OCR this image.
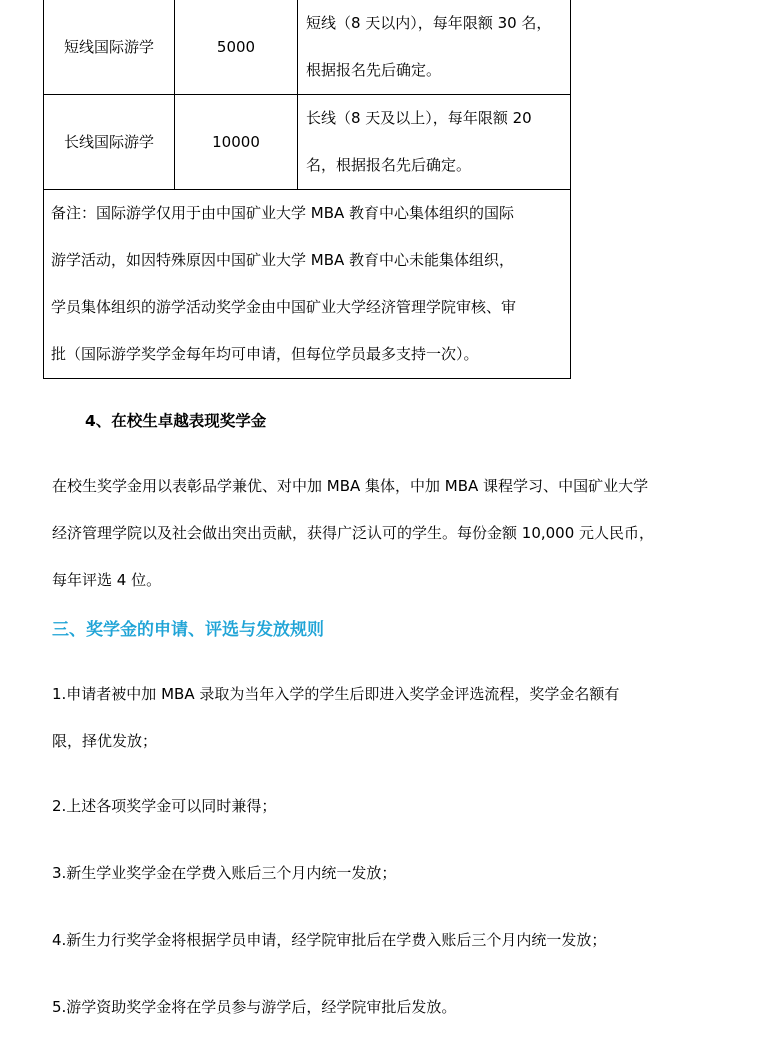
短线国际游学	5000	短线（8 天以内），每年限额 30 名，
根据报名先后确定。

长线国际游学	10000	长线（8 天及以上），每年限额 20
名，根据报名先后确定。

备注：国际游学仅用于由中国矿业大学 MBA 教育中心集体组织的国际
游学活动，如因特殊原因中国矿业大学 MBA 教育中心未能集体组织，
学员集体组织的游学活动奖学金由中国矿业大学经济管理学院审核、审
批（国际游学奖学金每年均可申请，但每位学员最多支持一次）。		
4、在校生卓越表现奖学金
在校生奖学金用以表彰品学兼优、对中加 MBA 集体，中加 MBA 课程学习、中国矿业大学
经济管理学院以及社会做出突出贡献，获得广泛认可的学生。每份金额 10,000 元人民币，
每年评选 4 位。
三、奖学金的申请、评选与发放规则
1.申请者被中加 MBA 录取为当年入学的学生后即进入奖学金评选流程，奖学金名额有
限，择优发放；
2.上述各项奖学金可以同时兼得；
3.新生学业奖学金在学费入账后三个月内统一发放；
4.新生力行奖学金将根据学员申请，经学院审批后在学费入账后三个月内统一发放；
5.游学资助奖学金将在学员参与游学后，经学院审批后发放。
